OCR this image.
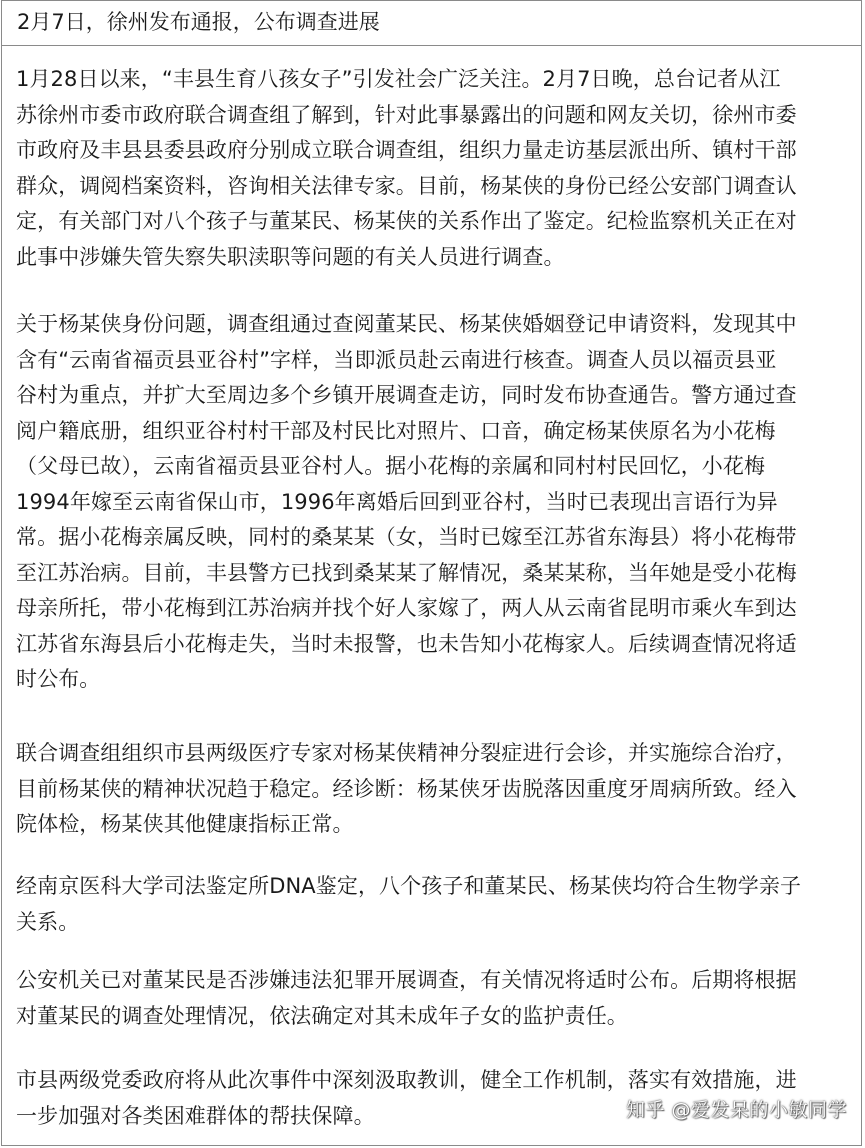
2月7日，徐州发布通报，公布调查进展
1月28日以来，“丰县生育八孩女子”引发社会广泛关注。2月7日晚，总台记者从江
苏徐州市委市政府联合调查组了解到，针对此事暴露出的问题和网友关切，徐州市委
市政府及丰县县委县政府分别成立联合调查组，组织力量走访基层派出所、镇村干部
群众，调阅档案资料，咨询相关法律专家。目前，杨某侠的身份已经公安部门调查认
定，有关部门对八个孩子与董某民、杨某侠的关系作出了鉴定。纪检监察机关正在对
此事中涉嫌失管失察失职渎职等问题的有关人员进行调查。
关于杨某侠身份问题，调查组通过查阅董某民、杨某侠婚姻登记申请资料，发现其中
含有“云南省福贡县亚谷村”字样，当即派员赴云南进行核查。调查人员以福贡县亚
谷村为重点，并扩大至周边多个乡镇开展调查走访，同时发布协查通告。警方通过查
阅户籍底册，组织亚谷村村干部及村民比对照片、口音，确定杨某侠原名为小花梅
（父母已故），云南省福贡县亚谷村人。据小花梅的亲属和同村村民回忆，小花梅
1994年嫁至云南省保山市，1996年离婚后回到亚谷村，当时已表现出言语行为异
常。据小花梅亲属反映，同村的桑某某（女，当时已嫁至江苏省东海县）将小花梅带
至江苏治病。目前，丰县警方已找到桑某某了解情况，桑某某称，当年她是受小花梅
母亲所托，带小花梅到江苏治病并找个好人家嫁了，两人从云南省昆明市乘火车到达
江苏省东海县后小花梅走失，当时未报警，也未告知小花梅家人。后续调查情况将适
时公布。
联合调查组组织市县两级医疗专家对杨某侠精神分裂症进行会诊，并实施综合治疗，
目前杨某侠的精神状况趋于稳定。经诊断：杨某侠牙齿脱落因重度牙周病所致。经入
院体检，杨某侠其他健康指标正常。
经南京医科大学司法鉴定所DNA鉴定，八个孩子和董某民、杨某侠均符合生物学亲子
关系。
公安机关已对董某民是否涉嫌违法犯罪开展调查，有关情况将适时公布。后期将根据
对董某民的调查处理情况，依法确定对其未成年子女的监护责任。
市县两级党委政府将从此次事件中深刻汲取教训，健全工作机制，落实有效措施，进
一步加强对各类困难群体的帮扶保障。	知乎 @爱发呆的小敏同学
